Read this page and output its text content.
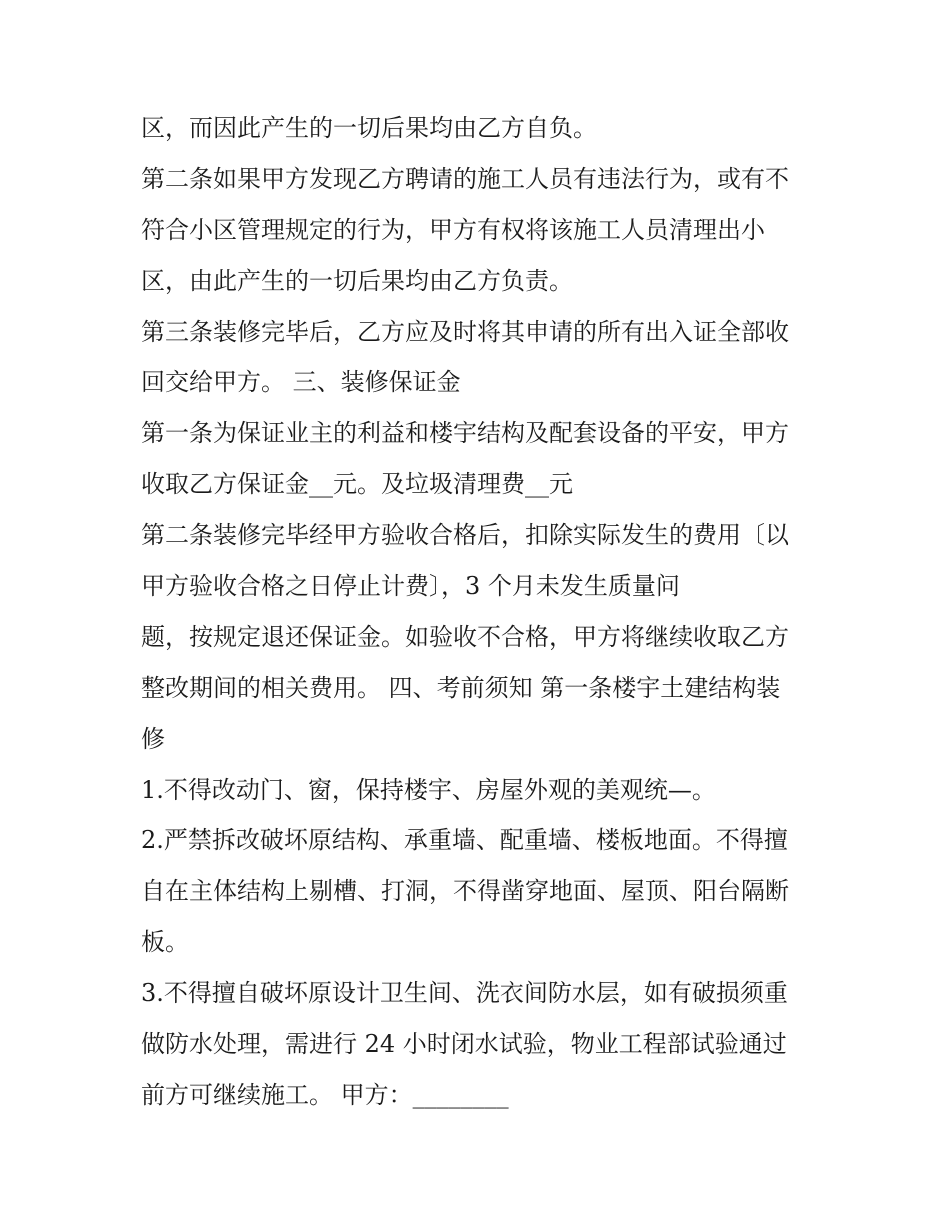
区，而因此产生的一切后果均由乙方自负。
第二条如果甲方发现乙方聘请的施工人员有违法行为，或有不
符合小区管理规定的行为，甲方有权将该施工人员清理出小
区，由此产生的一切后果均由乙方负责。
第三条装修完毕后，乙方应及时将其申请的所有出入证全部收
回交给甲方。 三、装修保证金
第一条为保证业主的利益和楼宇结构及配套设备的平安，甲方
收取乙方保证金__元。及垃圾清理费__元
第二条装修完毕经甲方验收合格后，扣除实际发生的费用〔以
甲方验收合格之日停止计费〕，3 个月未发生质量问
题，按规定退还保证金。如验收不合格，甲方将继续收取乙方
整改期间的相关费用。 四、考前须知 第一条楼宇土建结构装
修
1.不得改动门、窗，保持楼宇、房屋外观的美观统—。
2.严禁拆改破坏原结构、承重墙、配重墙、楼板地面。不得擅
自在主体结构上剔槽、打洞，不得凿穿地面、屋顶、阳台隔断
板。
3.不得擅自破坏原设计卫生间、洗衣间防水层，如有破损须重
做防水处理，需进行 24 小时闭水试验，物业工程部试验通过
前方可继续施工。 甲方：________
